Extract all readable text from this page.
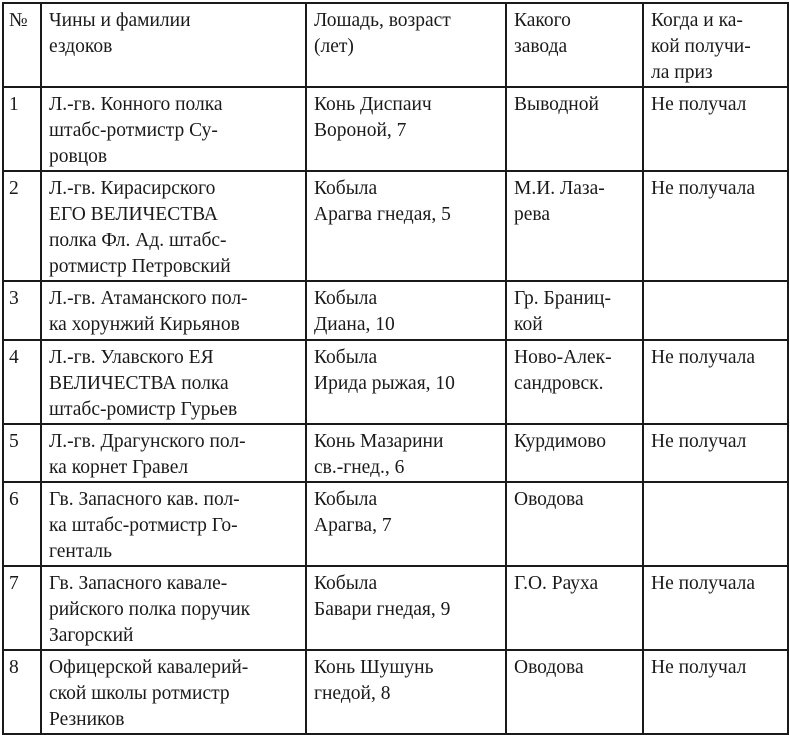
№	Чины и фамилии
ездоков	Лошадь, возраст
(лет)	Какого
завода	Когда и ка-
кой получи-
ла приз
1	Л.-гв. Конного полка
штабс-ротмистр Су-
ровцов	Конь Диспаич
Вороной, 7	Выводной	Не получал
2	Л.-гв. Кирасирского
ЕГО ВЕЛИЧЕСТВА
полка Фл. Ад. штабс-
ротмистр Петровский	Кобыла
Арагва гнедая, 5	М.И. Лаза-
рева	Не получала
3	Л.-гв. Атаманского пол-
ка хорунжий Кирьянов	Кобыла
Диана, 10	Гр. Браниц-
кой	
4	Л.-гв. Улавского ЕЯ
ВЕЛИЧЕСТВА полка
штабс-ромистр Гурьев	Кобыла
Ирида рыжая, 10	Ново-Алек-
сандровск.	Не получала
5	Л.-гв. Драгунского пол-
ка корнет Гравел	Конь Мазарини
св.-гнед., 6	Курдимово	Не получал
6	Гв. Запасного кав. пол-
ка штабс-ротмистр Го-
генталь	Кобыла
Арагва, 7	Оводова	
7	Гв. Запасного кавале-
рийского полка поручик
Загорский	Кобыла
Бавари гнедая, 9	Г.О. Рауха	Не получала
8	Офицерской кавалерий-
ской школы ротмистр
Резников	Конь Шушунь
гнедой, 8	Оводова	Не получал
